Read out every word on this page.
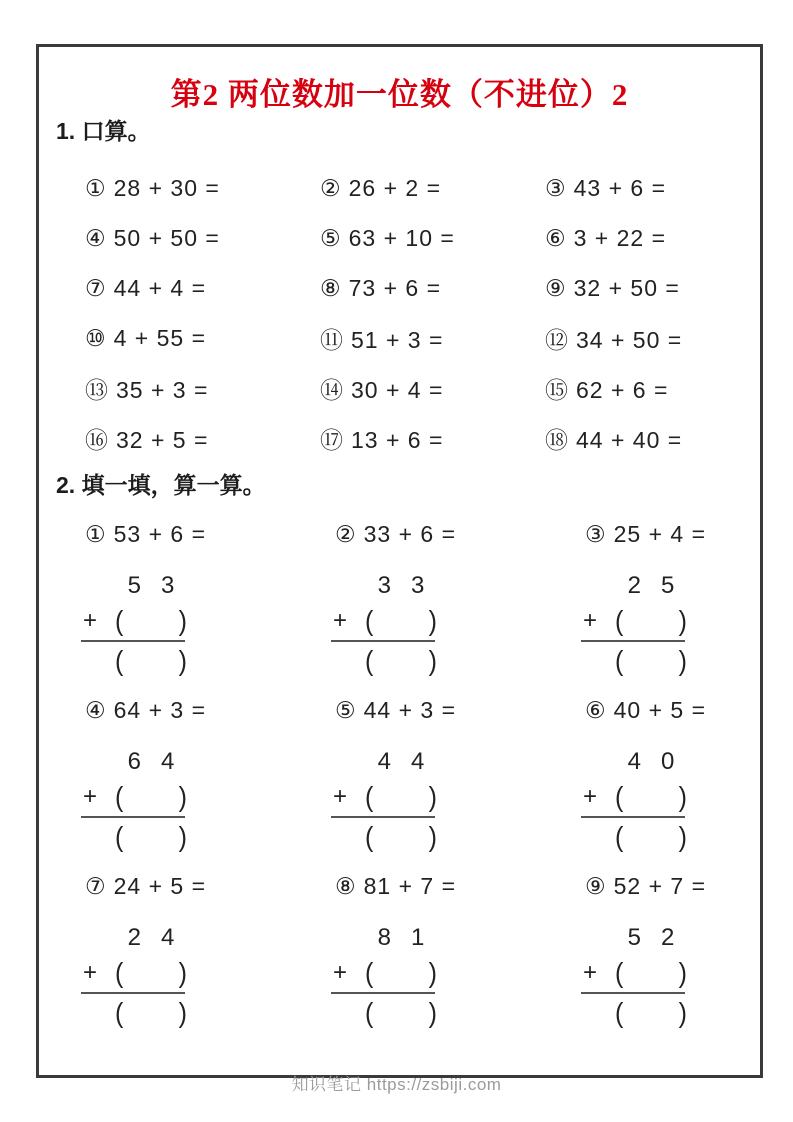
第2 两位数加一位数（不进位）2
1. 口算。
① 28 + 30 =	② 26 + 2 =	③ 43 + 6 =
④ 50 + 50 =	⑤ 63 + 10 =	⑥ 3 + 22 =
⑦ 44 + 4 =	⑧ 73 + 6 =	⑨ 32 + 50 =
⑩ 4 + 55 =	⑪ 51 + 3 =	⑫ 34 + 50 =
⑬ 35 + 3 =	⑭ 30 + 4 =	⑮ 62 + 6 =
⑯ 32 + 5 =	⑰ 13 + 6 =	⑱ 44 + 40 =
2. 填一填，算一算。
① 53 + 6 =
5 3
+ ( )
( )
② 33 + 6 =
3 3
+ ( )
( )
③ 25 + 4 =
2 5
+ ( )
( )
④ 64 + 3 =
6 4
+ ( )
( )
⑤ 44 + 3 =
4 4
+ ( )
( )
⑥ 40 + 5 =
4 0
+ ( )
( )
⑦ 24 + 5 =
2 4
+ ( )
( )
⑧ 81 + 7 =
8 1
+ ( )
( )
⑨ 52 + 7 =
5 2
+ ( )
( )
知识笔记 https://zsbiji.com
